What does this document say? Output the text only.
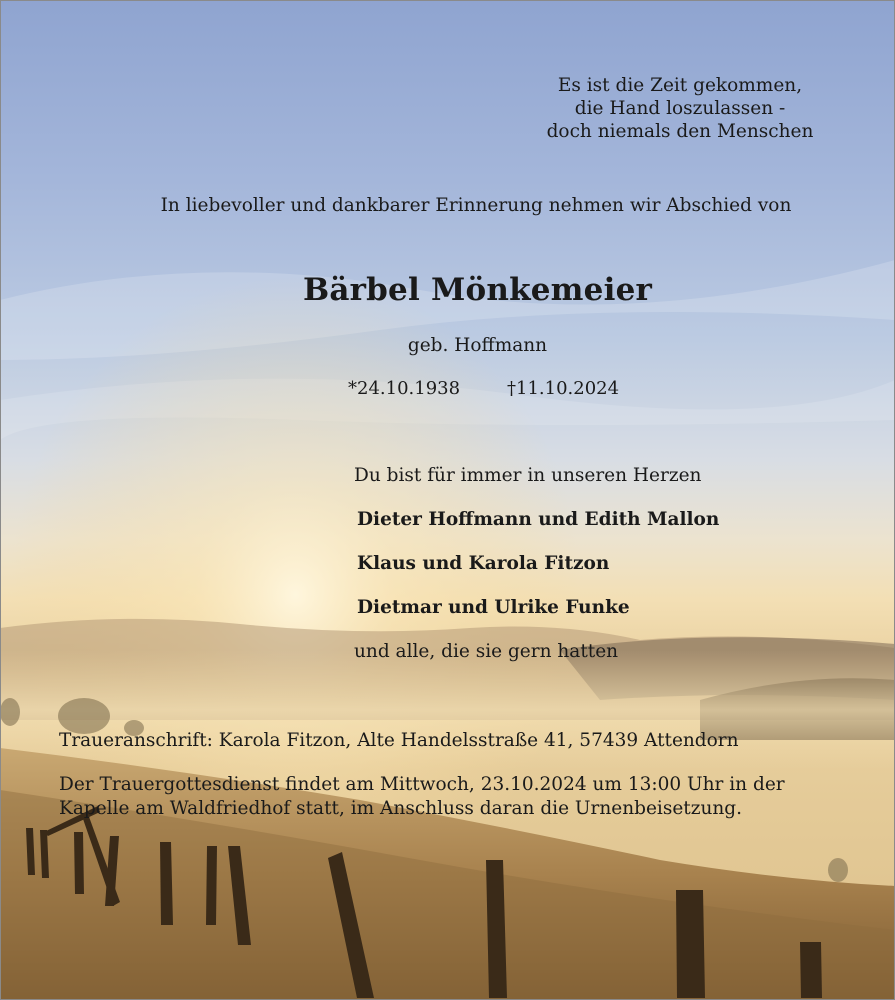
Es ist die Zeit gekommen,

die Hand loszulassen -

doch niemals den Menschen

In liebevoller und dankbarer Erinnerung nehmen wir Abschied von

Bärbel Mönkemeier

geb. Hoffmann

*24.10.1938	†11.10.2024

Du bist für immer in unseren Herzen

Dieter Hoffmann und Edith Mallon

Klaus und Karola Fitzon

Dietmar und Ulrike Funke

und alle, die sie gern hatten

Traueranschrift: Karola Fitzon, Alte Handelsstraße 41, 57439 Attendorn

Der Trauergottesdienst findet am Mittwoch, 23.10.2024 um 13:00 Uhr in der

Kapelle am Waldfriedhof statt, im Anschluss daran die Urnenbeisetzung.
